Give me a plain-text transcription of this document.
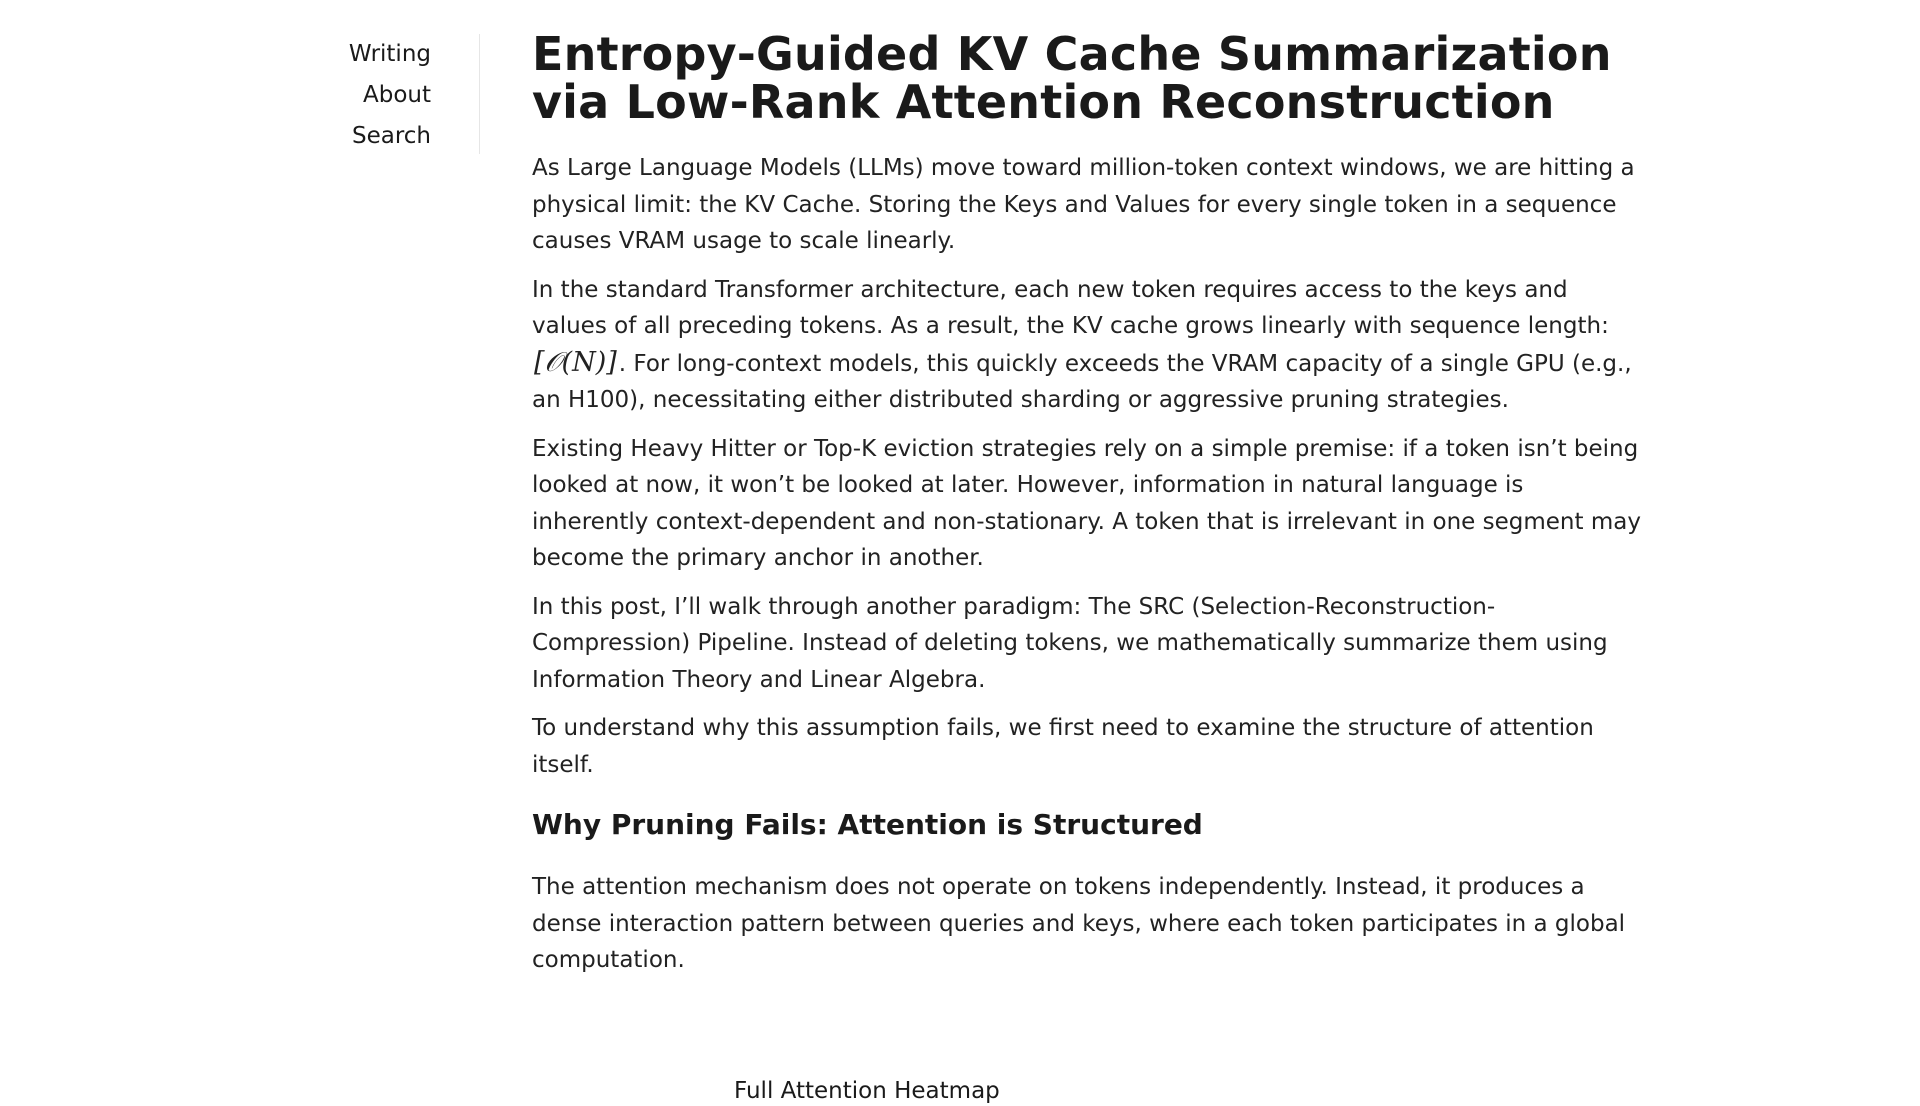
Writing
About
Search
Entropy-Guided KV Cache Summarization via Low-Rank Attention Reconstruction

As Large Language Models (LLMs) move toward million-token context windows, we are hitting a physical limit: the KV Cache. Storing the Keys and Values for every single token in a sequence causes VRAM usage to scale linearly.

In the standard Transformer architecture, each new token requires access to the keys and values of all preceding tokens. As a result, the KV cache grows linearly with sequence length:[𝒪(N)]. For long-context models, this quickly exceeds the VRAM capacity of a single GPU (e.g., an H100), necessitating either distributed sharding or aggressive pruning strategies.

Existing Heavy Hitter or Top-K eviction strategies rely on a simple premise: if a token isn’t being looked at now, it won’t be looked at later. However, information in natural language is inherently context-dependent and non-stationary. A token that is irrelevant in one segment may become the primary anchor in another.

In this post, I’ll walk through another paradigm: The SRC (Selection-Reconstruction-Compression) Pipeline. Instead of deleting tokens, we mathematically summarize them using Information Theory and Linear Algebra.

To understand why this assumption fails, we first need to examine the structure of attention itself.

Why Pruning Fails: Attention is Structured

The attention mechanism does not operate on tokens independently. Instead, it produces a dense interaction pattern between queries and keys, where each token participates in a global computation.

Full Attention Heatmap
